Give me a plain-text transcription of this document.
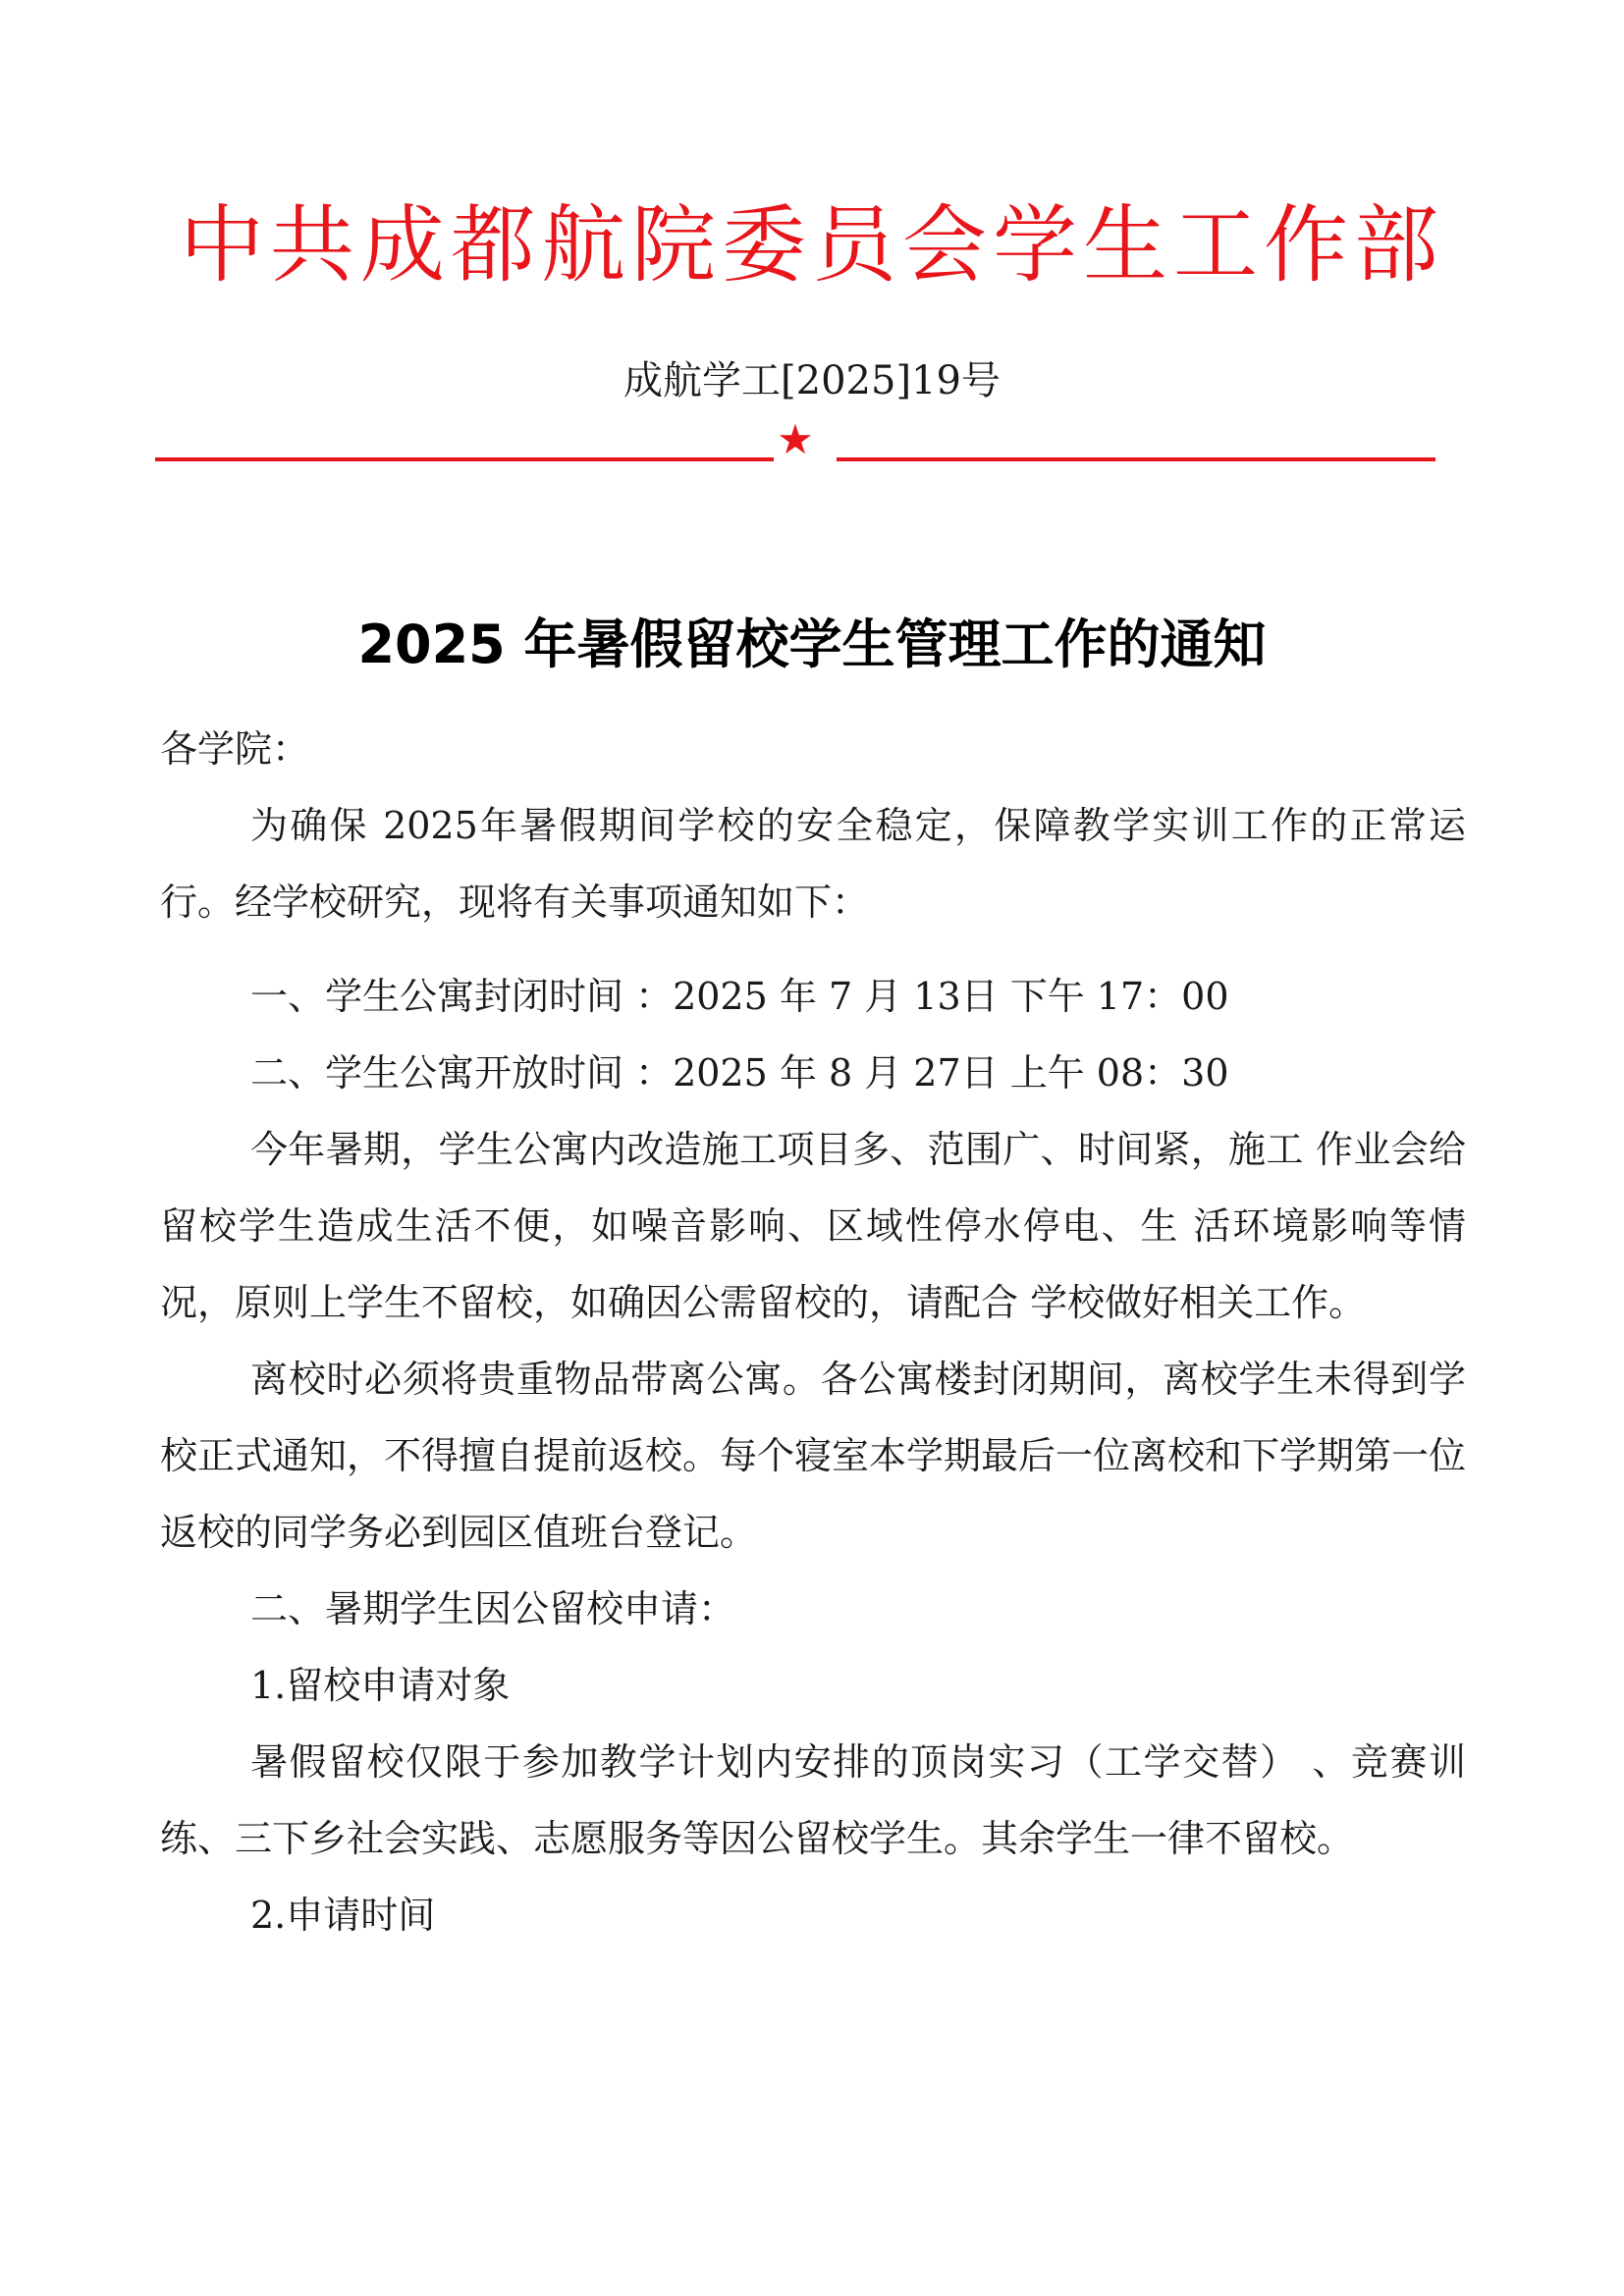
中共成都航院委员会学生工作部
成航学工[2025]19号
★
2025 年暑假留校学生管理工作的通知

各学院：

为确保 2025年暑假期间学校的安全稳定，保障教学实训工作的正常运行。经学校研究，现将有关事项通知如下：

一、学生公寓封闭时间 ：2025 年 7 月 13日 下午 17：00

二、学生公寓开放时间 ：2025 年 8 月 27日 上午 08：30

今年暑期，学生公寓内改造施工项目多、范围广、时间紧，施工 作业会给留校学生造成生活不便，如噪音影响、区域性停水停电、生 活环境影响等情况，原则上学生不留校，如确因公需留校的，请配合 学校做好相关工作。

离校时必须将贵重物品带离公寓。各公寓楼封闭期间，离校学生未得到学校正式通知，不得擅自提前返校。每个寝室本学期最后一位离校和下学期第一位返校的同学务必到园区值班台登记。

二、暑期学生因公留校申请：

1.留校申请对象

暑假留校仅限于参加教学计划内安排的顶岗实习（工学交替） 、竞赛训练、三下乡社会实践、志愿服务等因公留校学生。其余学生一律不留校。

2.申请时间
